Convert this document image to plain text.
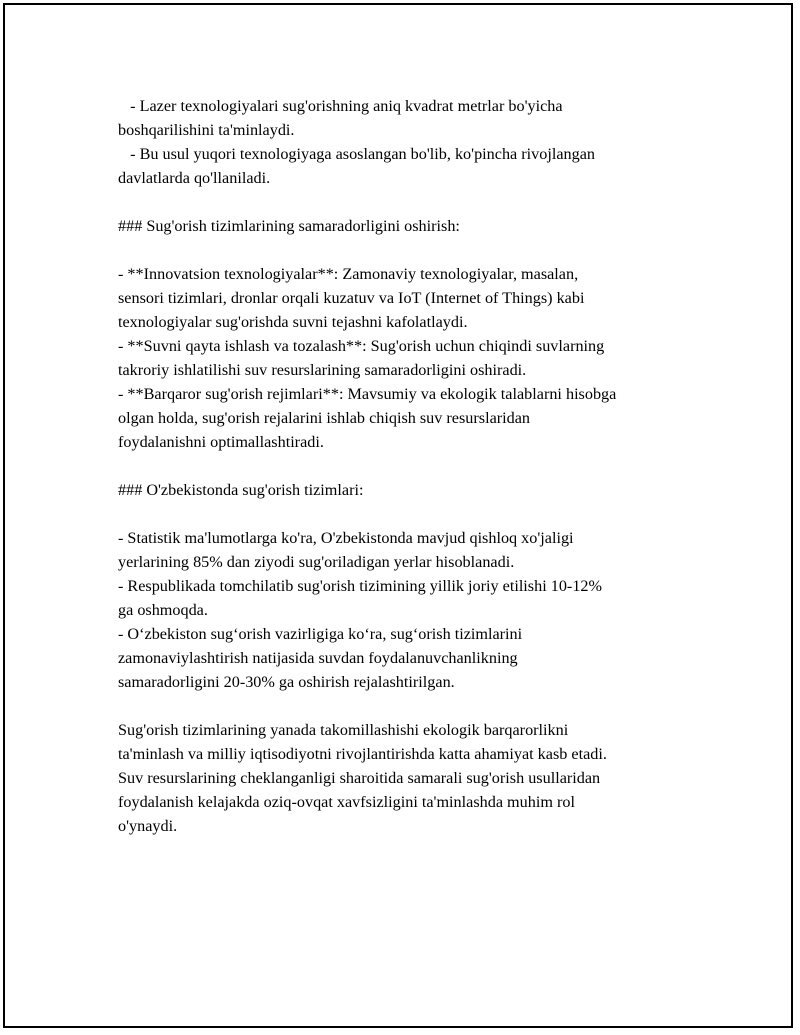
- Lazer texnologiyalari sug'orishning aniq kvadrat metrlar bo'yicha
boshqarilishini ta'minlaydi.
- Bu usul yuqori texnologiyaga asoslangan bo'lib, ko'pincha rivojlangan
davlatlarda qo'llaniladi.
### Sug'orish tizimlarining samaradorligini oshirish:
- **Innovatsion texnologiyalar**: Zamonaviy texnologiyalar, masalan,
sensori tizimlari, dronlar orqali kuzatuv va IoT (Internet of Things) kabi
texnologiyalar sug'orishda suvni tejashni kafolatlaydi.
- **Suvni qayta ishlash va tozalash**: Sug'orish uchun chiqindi suvlarning
takroriy ishlatilishi suv resurslarining samaradorligini oshiradi.
- **Barqaror sug'orish rejimlari**: Mavsumiy va ekologik talablarni hisobga
olgan holda, sug'orish rejalarini ishlab chiqish suv resurslaridan
foydalanishni optimallashtiradi.
### O'zbekistonda sug'orish tizimlari:
- Statistik ma'lumotlarga ko'ra, O'zbekistonda mavjud qishloq xo'jaligi
yerlarining 85% dan ziyodi sug'oriladigan yerlar hisoblanadi.
- Respublikada tomchilatib sug'orish tizimining yillik joriy etilishi 10-12%
ga oshmoqda.
- O‘zbekiston sug‘orish vazirligiga ko‘ra, sug‘orish tizimlarini
zamonaviylashtirish natijasida suvdan foydalanuvchanlikning
samaradorligini 20-30% ga oshirish rejalashtirilgan.
Sug'orish tizimlarining yanada takomillashishi ekologik barqarorlikni
ta'minlash va milliy iqtisodiyotni rivojlantirishda katta ahamiyat kasb etadi.
Suv resurslarining cheklanganligi sharoitida samarali sug'orish usullaridan
foydalanish kelajakda oziq-ovqat xavfsizligini ta'minlashda muhim rol
o'ynaydi.
